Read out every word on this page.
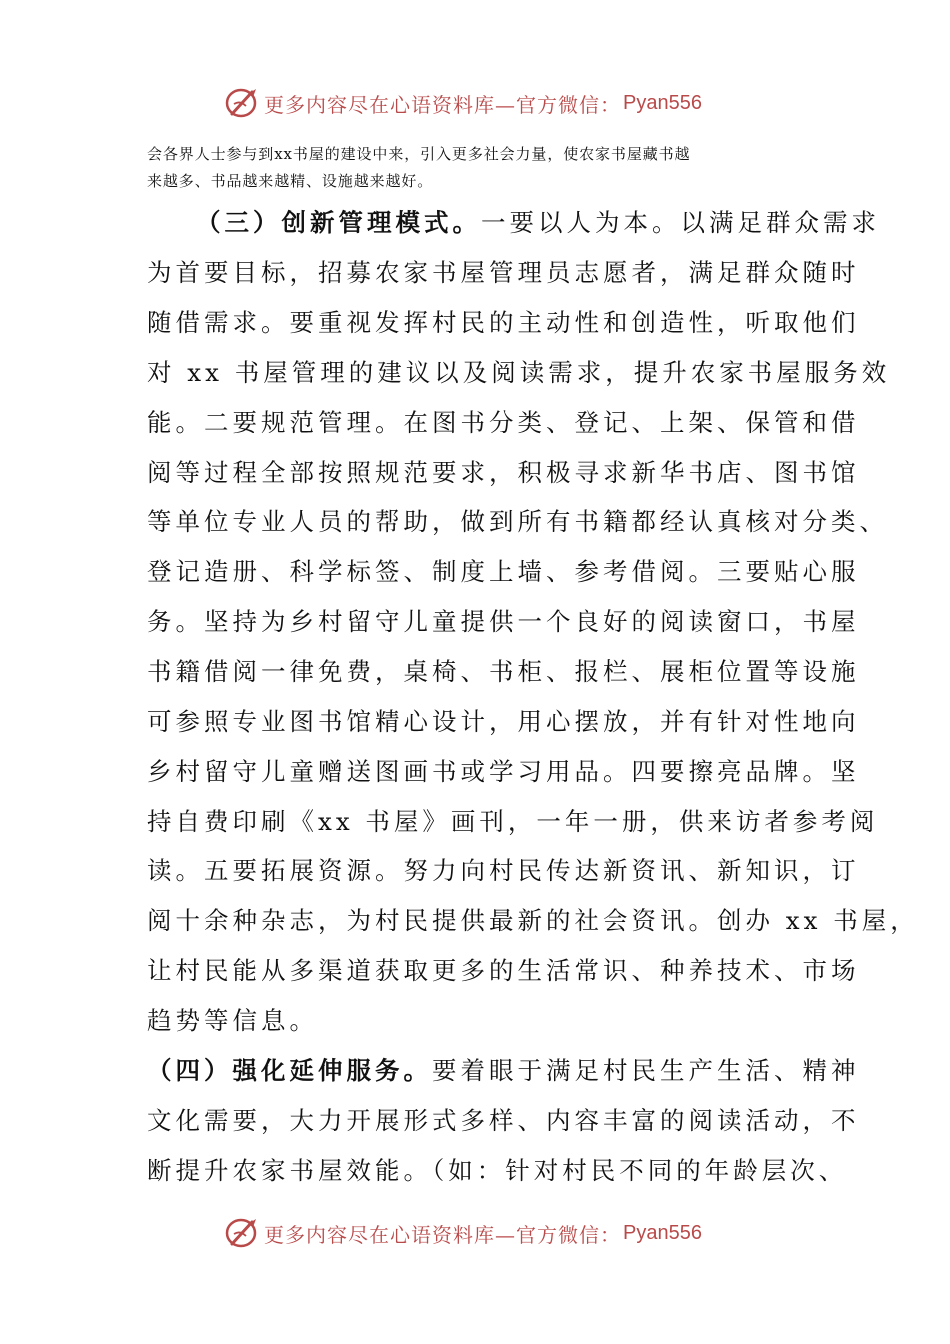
更多内容尽在心语资料库—官方微信： Pyan556
会各界人士参与到xx书屋的建设中来，引入更多社会力量，使农家书屋藏书越
来越多、书品越来越精、设施越来越好。
（三）创新管理模式。一要以人为本。以满足群众需求
为首要目标，招募农家书屋管理员志愿者，满足群众随时
随借需求。要重视发挥村民的主动性和创造性，听取他们
对 xx 书屋管理的建议以及阅读需求，提升农家书屋服务效
能。二要规范管理。在图书分类、登记、上架、保管和借
阅等过程全部按照规范要求，积极寻求新华书店、图书馆
等单位专业人员的帮助，做到所有书籍都经认真核对分类、
登记造册、科学标签、制度上墙、参考借阅。三要贴心服
务。坚持为乡村留守儿童提供一个良好的阅读窗口，书屋
书籍借阅一律免费，桌椅、书柜、报栏、展柜位置等设施
可参照专业图书馆精心设计，用心摆放，并有针对性地向
乡村留守儿童赠送图画书或学习用品。四要擦亮品牌。坚
持自费印刷《xx 书屋》画刊，一年一册，供来访者参考阅
读。五要拓展资源。努力向村民传达新资讯、新知识，订
阅十余种杂志，为村民提供最新的社会资讯。创办 xx 书屋，
让村民能从多渠道获取更多的生活常识、种养技术、市场
趋势等信息。
（四）强化延伸服务。要着眼于满足村民生产生活、精神
文化需要，大力开展形式多样、内容丰富的阅读活动，不
断提升农家书屋效能。（如：针对村民不同的年龄层次、
更多内容尽在心语资料库—官方微信： Pyan556
